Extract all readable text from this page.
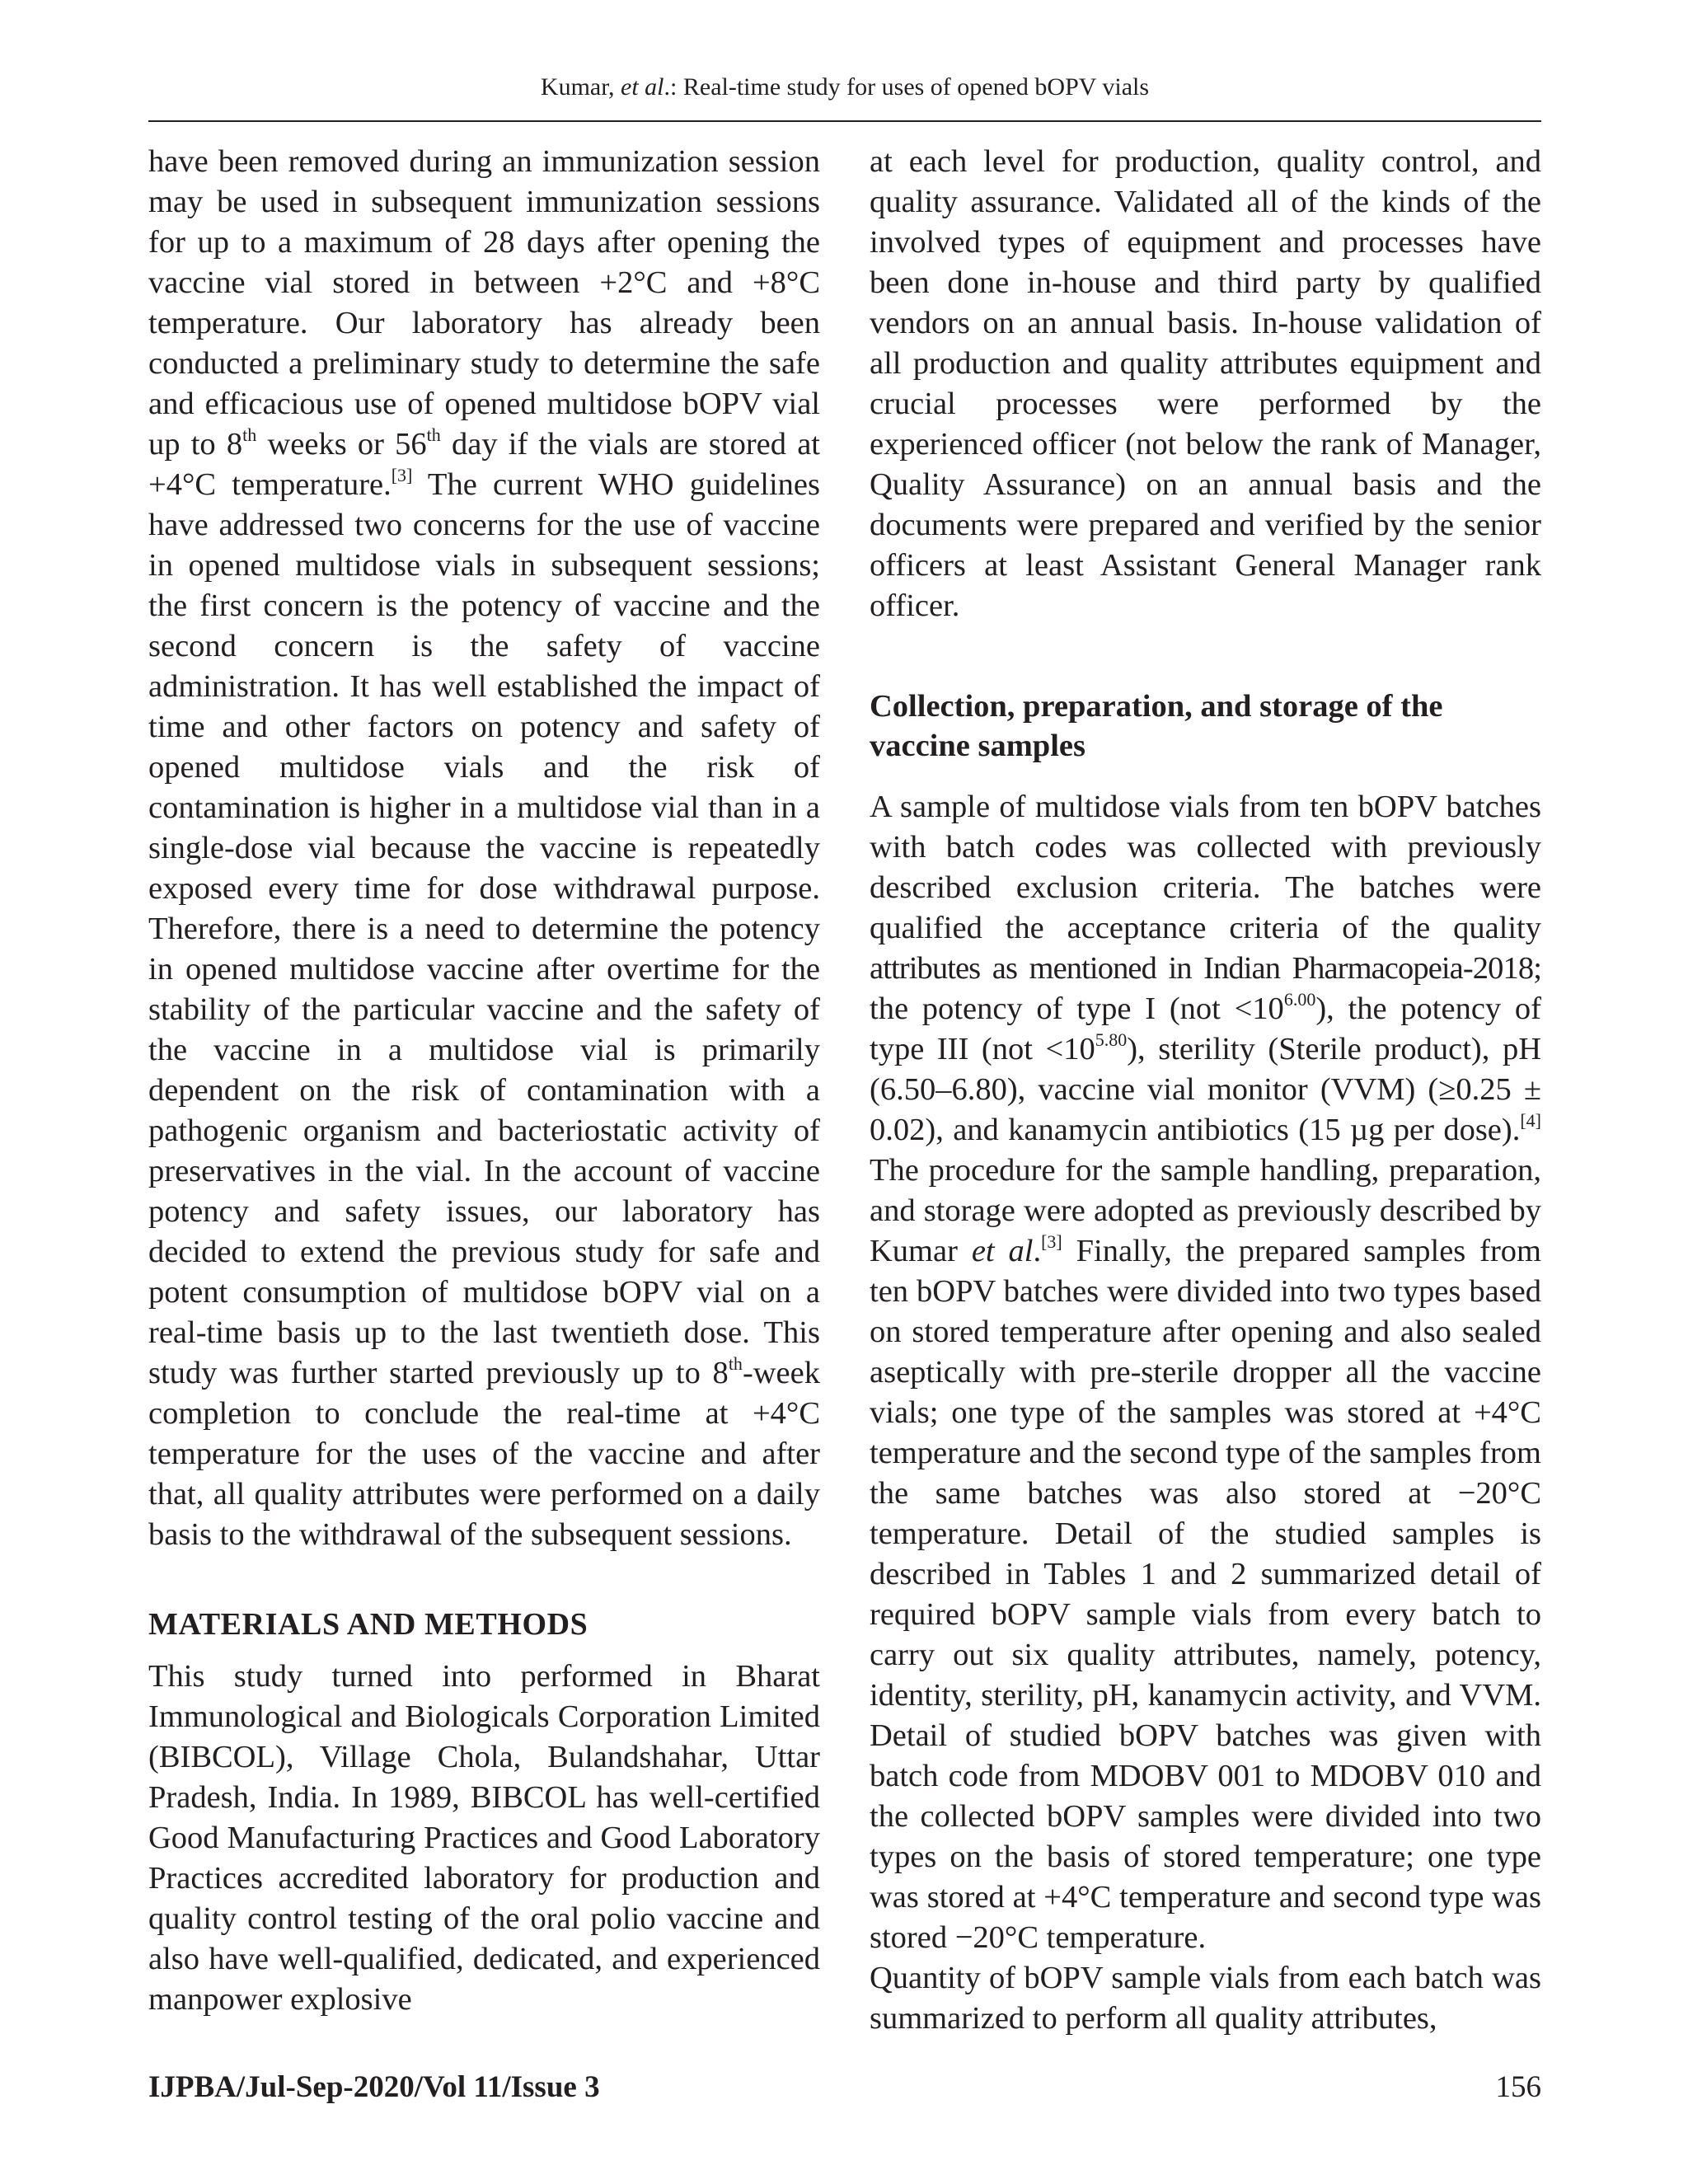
Kumar, et al.: Real-time study for uses of opened bOPV vials

have been removed during an immunization session may be used in subsequent immunization sessions for up to a maximum of 28 days after opening the vaccine vial stored in between +2°C and +8°C temperature. Our laboratory has already been conducted a preliminary study to determine the safe and efficacious use of opened multidose bOPV vial up to 8th weeks or 56th day if the vials are stored at +4°C temperature.[3] The current WHO guidelines have addressed two concerns for the use of vaccine in opened multidose vials in subsequent sessions; the first concern is the potency of vaccine and the second concern is the safety of vaccine administration. It has well established the impact of time and other factors on potency and safety of opened multidose vials and the risk of contamination is higher in a multidose vial than in a single-dose vial because the vaccine is repeatedly exposed every time for dose withdrawal purpose. Therefore, there is a need to determine the potency in opened multidose vaccine after overtime for the stability of the particular vaccine and the safety of the vaccine in a multidose vial is primarily dependent on the risk of contamination with a pathogenic organism and bacteriostatic activity of preservatives in the vial. In the account of vaccine potency and safety issues, our laboratory has decided to extend the previous study for safe and potent consumption of multidose bOPV vial on a real-time basis up to the last twentieth dose. This study was further started previously up to 8th-week completion to conclude the real-time at +4°C temperature for the uses of the vaccine and after that, all quality attributes were performed on a daily basis to the withdrawal of the subsequent sessions.

MATERIALS AND METHODS

This study turned into performed in Bharat Immunological and Biologicals Corporation Limited (BIBCOL), Village Chola, Bulandshahar, Uttar Pradesh, India. In 1989, BIBCOL has well-certified Good Manufacturing Practices and Good Laboratory Practices accredited laboratory for production and quality control testing of the oral polio vaccine and also have well-qualified, dedicated, and experienced manpower explosive

at each level for production, quality control, and quality assurance. Validated all of the kinds of the involved types of equipment and processes have been done in-house and third party by qualified vendors on an annual basis. In-house validation of all production and quality attributes equipment and crucial processes were performed by the experienced officer (not below the rank of Manager, Quality Assurance) on an annual basis and the documents were prepared and verified by the senior officers at least Assistant General Manager rank officer.

Collection, preparation, and storage of the vaccine samples

A sample of multidose vials from ten bOPV batches with batch codes was collected with previously described exclusion criteria. The batches were qualified the acceptance criteria of the quality attributes as mentioned in Indian Pharmacopeia-2018; the potency of type I $(not <10^{6.00})$, the potency of type III $(not <10^{5.80})$, sterility (Sterile product), pH (6.50–6.80), vaccine vial monitor (VVM) (≥0.25 ± 0.02), and kanamycin antibiotics (15 µg per dose).[4] The procedure for the sample handling, preparation, and storage were adopted as previously described by Kumar et al.[3] Finally, the prepared samples from ten bOPV batches were divided into two types based on stored temperature after opening and also sealed aseptically with pre-sterile dropper all the vaccine vials; one type of the samples was stored at +4°C temperature and the second type of the samples from the same batches was also stored at −20°C temperature. Detail of the studied samples is described in Tables 1 and 2 summarized detail of required bOPV sample vials from every batch to carry out six quality attributes, namely, potency, identity, sterility, pH, kanamycin activity, and VVM. Detail of studied bOPV batches was given with batch code from MDOBV 001 to MDOBV 010 and the collected bOPV samples were divided into two types on the basis of stored temperature; one type was stored at +4°C temperature and second type was stored −20°C temperature.

Quantity of bOPV sample vials from each batch was summarized to perform all quality attributes,

IJPBA/Jul-Sep-2020/Vol 11/Issue 3	156
